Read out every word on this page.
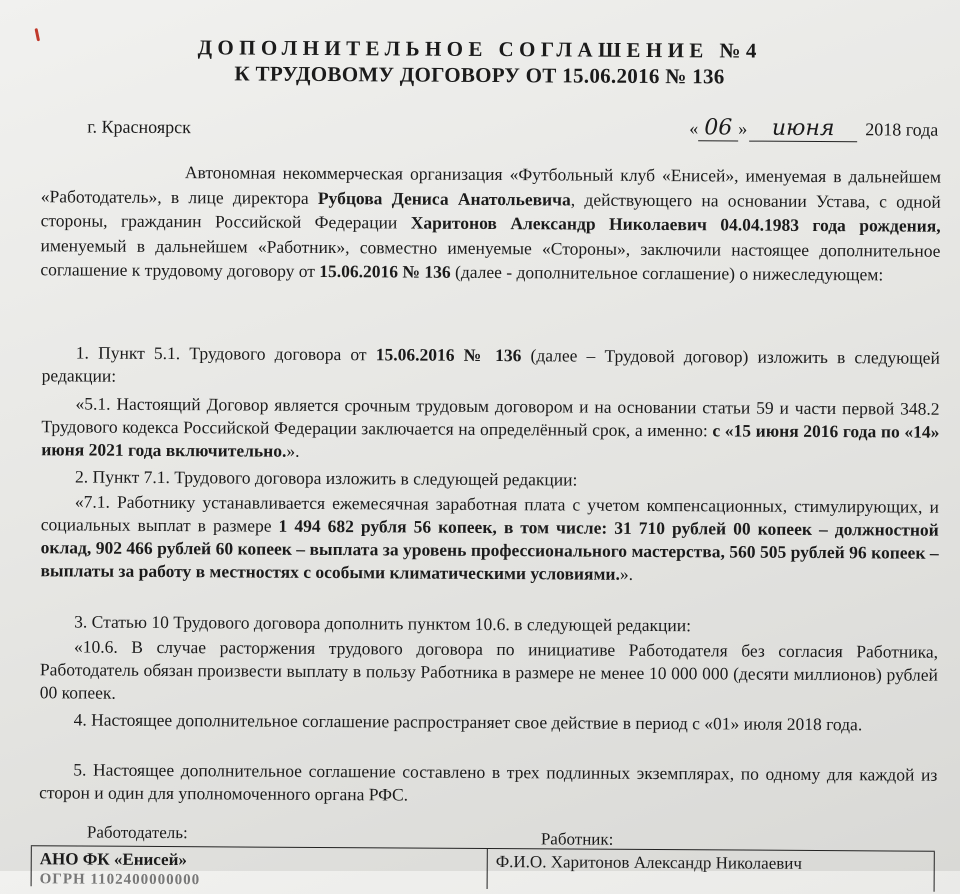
ДОПОЛНИТЕЛЬНОЕ СОГЛАШЕНИЕ №4
К ТРУДОВОМУ ДОГОВОРУ ОТ 15.06.2016 № 136
г. Красноярск	« 06 » июня 2018 года
Автономная некоммерческая организация «Футбольный клуб «Енисей», именуемая в дальнейшем «Работодатель», в лице директора Рубцова Дениса Анатольевича, действующего на основании Устава, с одной стороны, гражданин Российской Федерации Харитонов Александр Николаевич 04.04.1983 года рождения, именуемый в дальнейшем «Работник», совместно именуемые «Стороны», заключили настоящее дополнительное соглашение к трудовому договору от 15.06.2016 № 136 (далее - дополнительное соглашение) о нижеследующем:
1. Пункт 5.1. Трудового договора от 15.06.2016 № 136 (далее – Трудовой договор) изложить в следующей редакции:
«5.1. Настоящий Договор является срочным трудовым договором и на основании статьи 59 и части первой 348.2 Трудового кодекса Российской Федерации заключается на определённый срок, а именно: с «15 июня 2016 года по «14» июня 2021 года включительно.».
2. Пункт 7.1. Трудового договора изложить в следующей редакции:
«7.1. Работнику устанавливается ежемесячная заработная плата с учетом компенсационных, стимулирующих, и социальных выплат в размере 1 494 682 рубля 56 копеек, в том числе: 31 710 рублей 00 копеек – должностной оклад, 902 466 рублей 60 копеек – выплата за уровень профессионального мастерства, 560 505 рублей 96 копеек – выплаты за работу в местностях с особыми климатическими условиями.».
3. Статью 10 Трудового договора дополнить пунктом 10.6. в следующей редакции:
«10.6. В случае расторжения трудового договора по инициативе Работодателя без согласия Работника, Работодатель обязан произвести выплату в пользу Работника в размере не менее 10 000 000 (десяти миллионов) рублей 00 копеек.
4. Настоящее дополнительное соглашение распространяет свое действие в период с «01» июля 2018 года.
5. Настоящее дополнительное соглашение составлено в трех подлинных экземплярах, по одному для каждой из сторон и один для уполномоченного органа РФС.
Работодатель:	Работник:
АНО ФК «Енисей»
ОГРН 1102400000000
Ф.И.О. Харитонов Александр Николаевич
